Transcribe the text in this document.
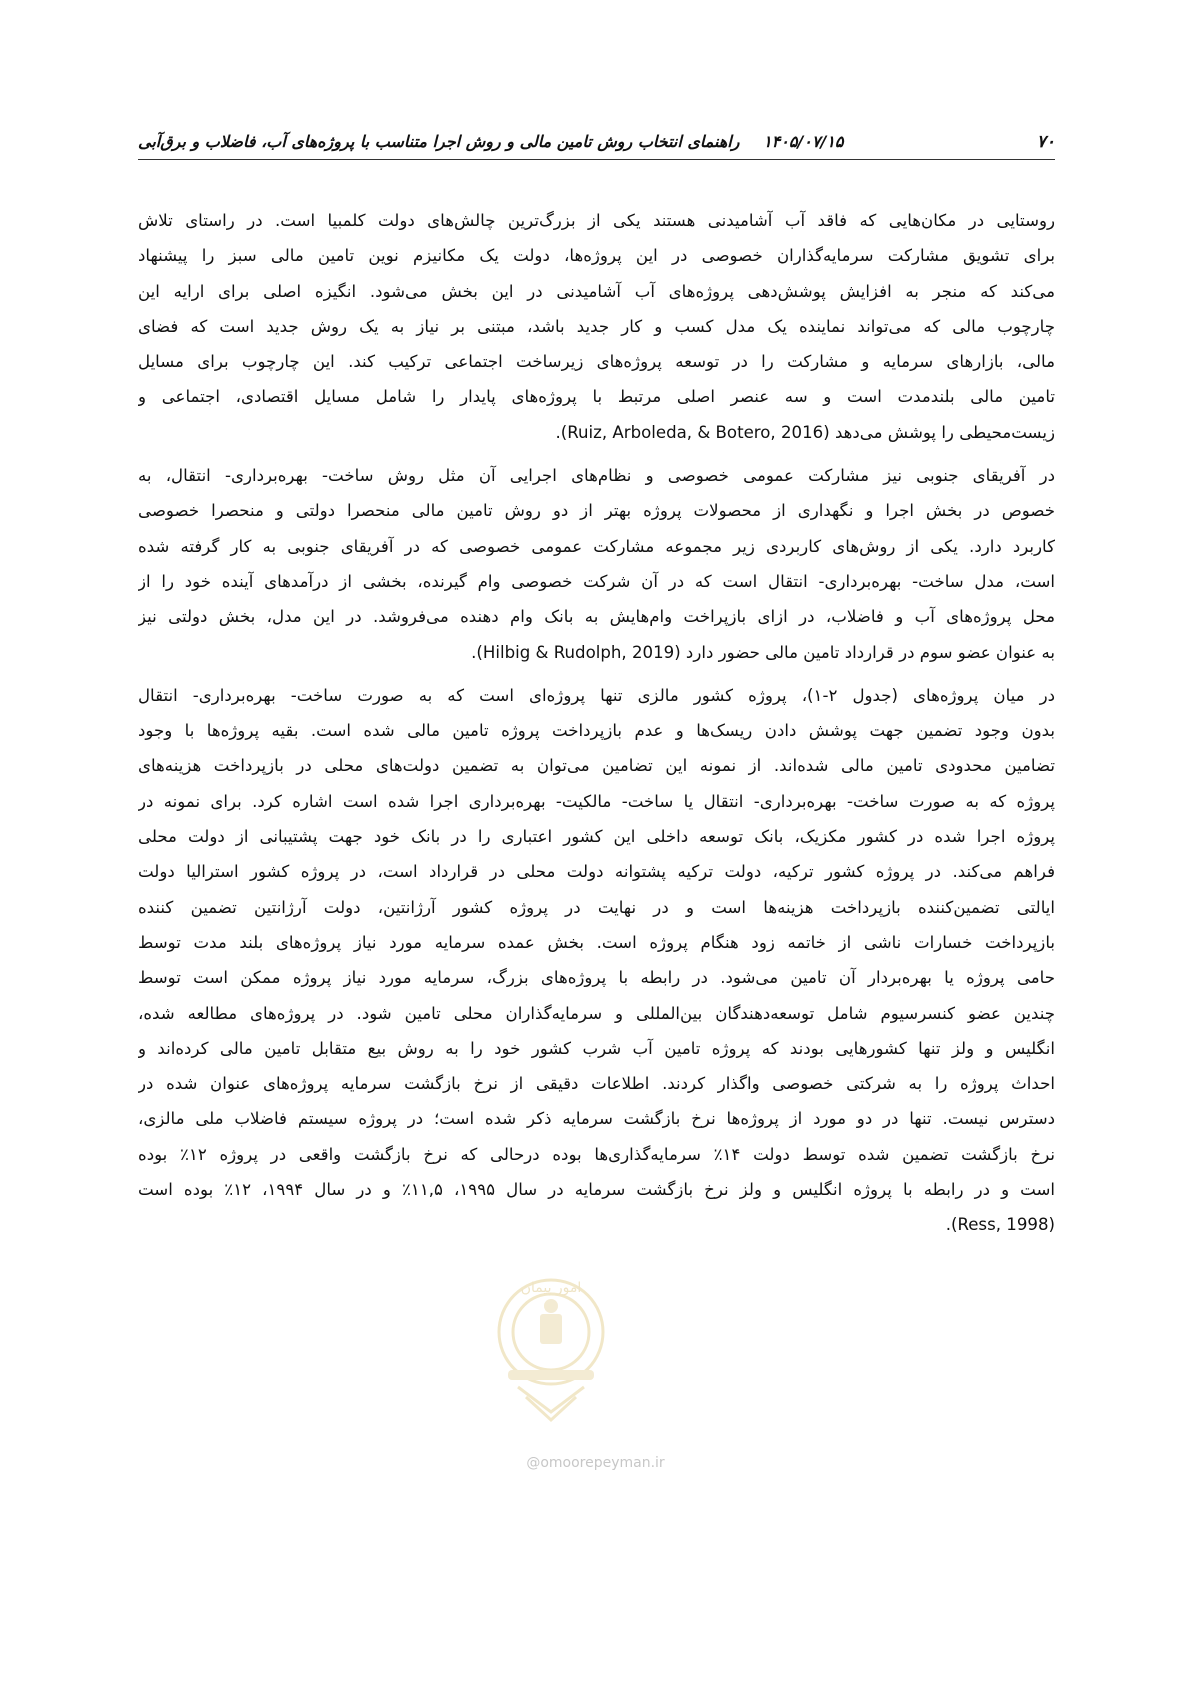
۷۰
۱۴۰۵/۰۷/۱۵ راهنمای انتخاب روش تامین مالی و روش اجرا متناسب با پروژه‌های آب، فاضلاب و برق‌آبی
روستایی در مکان‌هایی که فاقد آب آشامیدنی هستند یکی از بزرگ‌ترین چالش‌های دولت کلمبیا است. در راستای تلاش
برای تشویق مشارکت سرمایه‌گذاران خصوصی در این پروژه‌ها، دولت یک مکانیزم نوین تامین مالی سبز را پیشنهاد
می‌کند که منجر به افزایش پوشش‌دهی پروژه‌های آب آشامیدنی در این بخش می‌شود. انگیزه اصلی برای ارایه این
چارچوب مالی که می‌تواند نماینده یک مدل کسب و کار جدید باشد، مبتنی بر نیاز به یک روش جدید است که فضای
مالی، بازارهای سرمایه و مشارکت را در توسعه پروژه‌های زیرساخت اجتماعی ترکیب کند. این چارچوب برای مسایل
تامین مالی بلندمدت است و سه عنصر اصلی مرتبط با پروژه‌های پایدار را شامل مسایل اقتصادی، اجتماعی و
زیست‌محیطی را پوشش می‌دهد (Ruiz, Arboleda, & Botero, 2016).
در آفریقای جنوبی نیز مشارکت عمومی خصوصی و نظام‌های اجرایی آن مثل روش ساخت- بهره‌برداری- انتقال، به
خصوص در بخش اجرا و نگهداری از محصولات پروژه بهتر از دو روش تامین مالی منحصرا دولتی و منحصرا خصوصی
کاربرد دارد. یکی از روش‌های کاربردی زیر مجموعه مشارکت عمومی خصوصی که در آفریقای جنوبی به کار گرفته شده
است، مدل ساخت- بهره‌برداری- انتقال است که در آن شرکت خصوصی وام گیرنده، بخشی از درآمدهای آینده خود را از
محل پروژه‌های آب و فاضلاب، در ازای بازپراخت وام‌هایش به بانک وام دهنده می‌فروشد. در این مدل، بخش دولتی نیز
به عنوان عضو سوم در قرارداد تامین مالی حضور دارد (Hilbig & Rudolph, 2019).
در میان پروژه‌های (جدول ۲-۱)، پروژه کشور مالزی تنها پروژه‌ای است که به صورت ساخت- بهره‌برداری- انتقال
بدون وجود تضمین جهت پوشش دادن ریسک‌ها و عدم بازپرداخت پروژه تامین مالی شده است. بقیه پروژه‌ها با وجود
تضامین محدودی تامین مالی شده‌اند. از نمونه این تضامین می‌توان به تضمین دولت‌های محلی در بازپرداخت هزینه‌های
پروژه که به صورت ساخت- بهره‌برداری- انتقال یا ساخت- مالکیت- بهره‌برداری اجرا شده است اشاره کرد. برای نمونه در
پروژه اجرا شده در کشور مکزیک، بانک توسعه داخلی این کشور اعتباری را در بانک خود جهت پشتیبانی از دولت محلی
فراهم می‌کند. در پروژه کشور ترکیه، دولت ترکیه پشتوانه دولت محلی در قرارداد است، در پروژه کشور استرالیا دولت
ایالتی تضمین‌کننده بازپرداخت هزینه‌ها است و در نهایت در پروژه کشور آرژانتین، دولت آرژانتین تضمین کننده
بازپرداخت خسارات ناشی از خاتمه زود هنگام پروژه است. بخش عمده سرمایه مورد نیاز پروژه‌های بلند مدت توسط
حامی پروژه یا بهره‌بردار آن تامین می‌شود. در رابطه با پروژه‌های بزرگ، سرمایه مورد نیاز پروژه ممکن است توسط
چندین عضو کنسرسیوم شامل توسعه‌دهندگان بین‌المللی و سرمایه‌گذاران محلی تامین شود. در پروژه‌های مطالعه شده،
انگلیس و ولز تنها کشورهایی بودند که پروژه تامین آب شرب کشور خود را به روش بیع متقابل تامین مالی کرده‌اند و
احداث پروژه را به شرکتی خصوصی واگذار کردند. اطلاعات دقیقی از نرخ بازگشت سرمایه پروژه‌های عنوان شده در
دسترس نیست. تنها در دو مورد از پروژه‌ها نرخ بازگشت سرمایه ذکر شده است؛ در پروژه سیستم فاضلاب ملی مالزی،
نرخ بازگشت تضمین شده توسط دولت ۱۴٪ سرمایه‌گذاری‌ها بوده درحالی که نرخ بازگشت واقعی در پروژه ۱۲٪ بوده
است و در رابطه با پروژه انگلیس و ولز نرخ بازگشت سرمایه در سال ۱۹۹۵، ۱۱,۵٪ و در سال ۱۹۹۴، ۱۲٪ بوده است
(Ress, 1998).
امور پیمان
@omoorepeyman.ir
